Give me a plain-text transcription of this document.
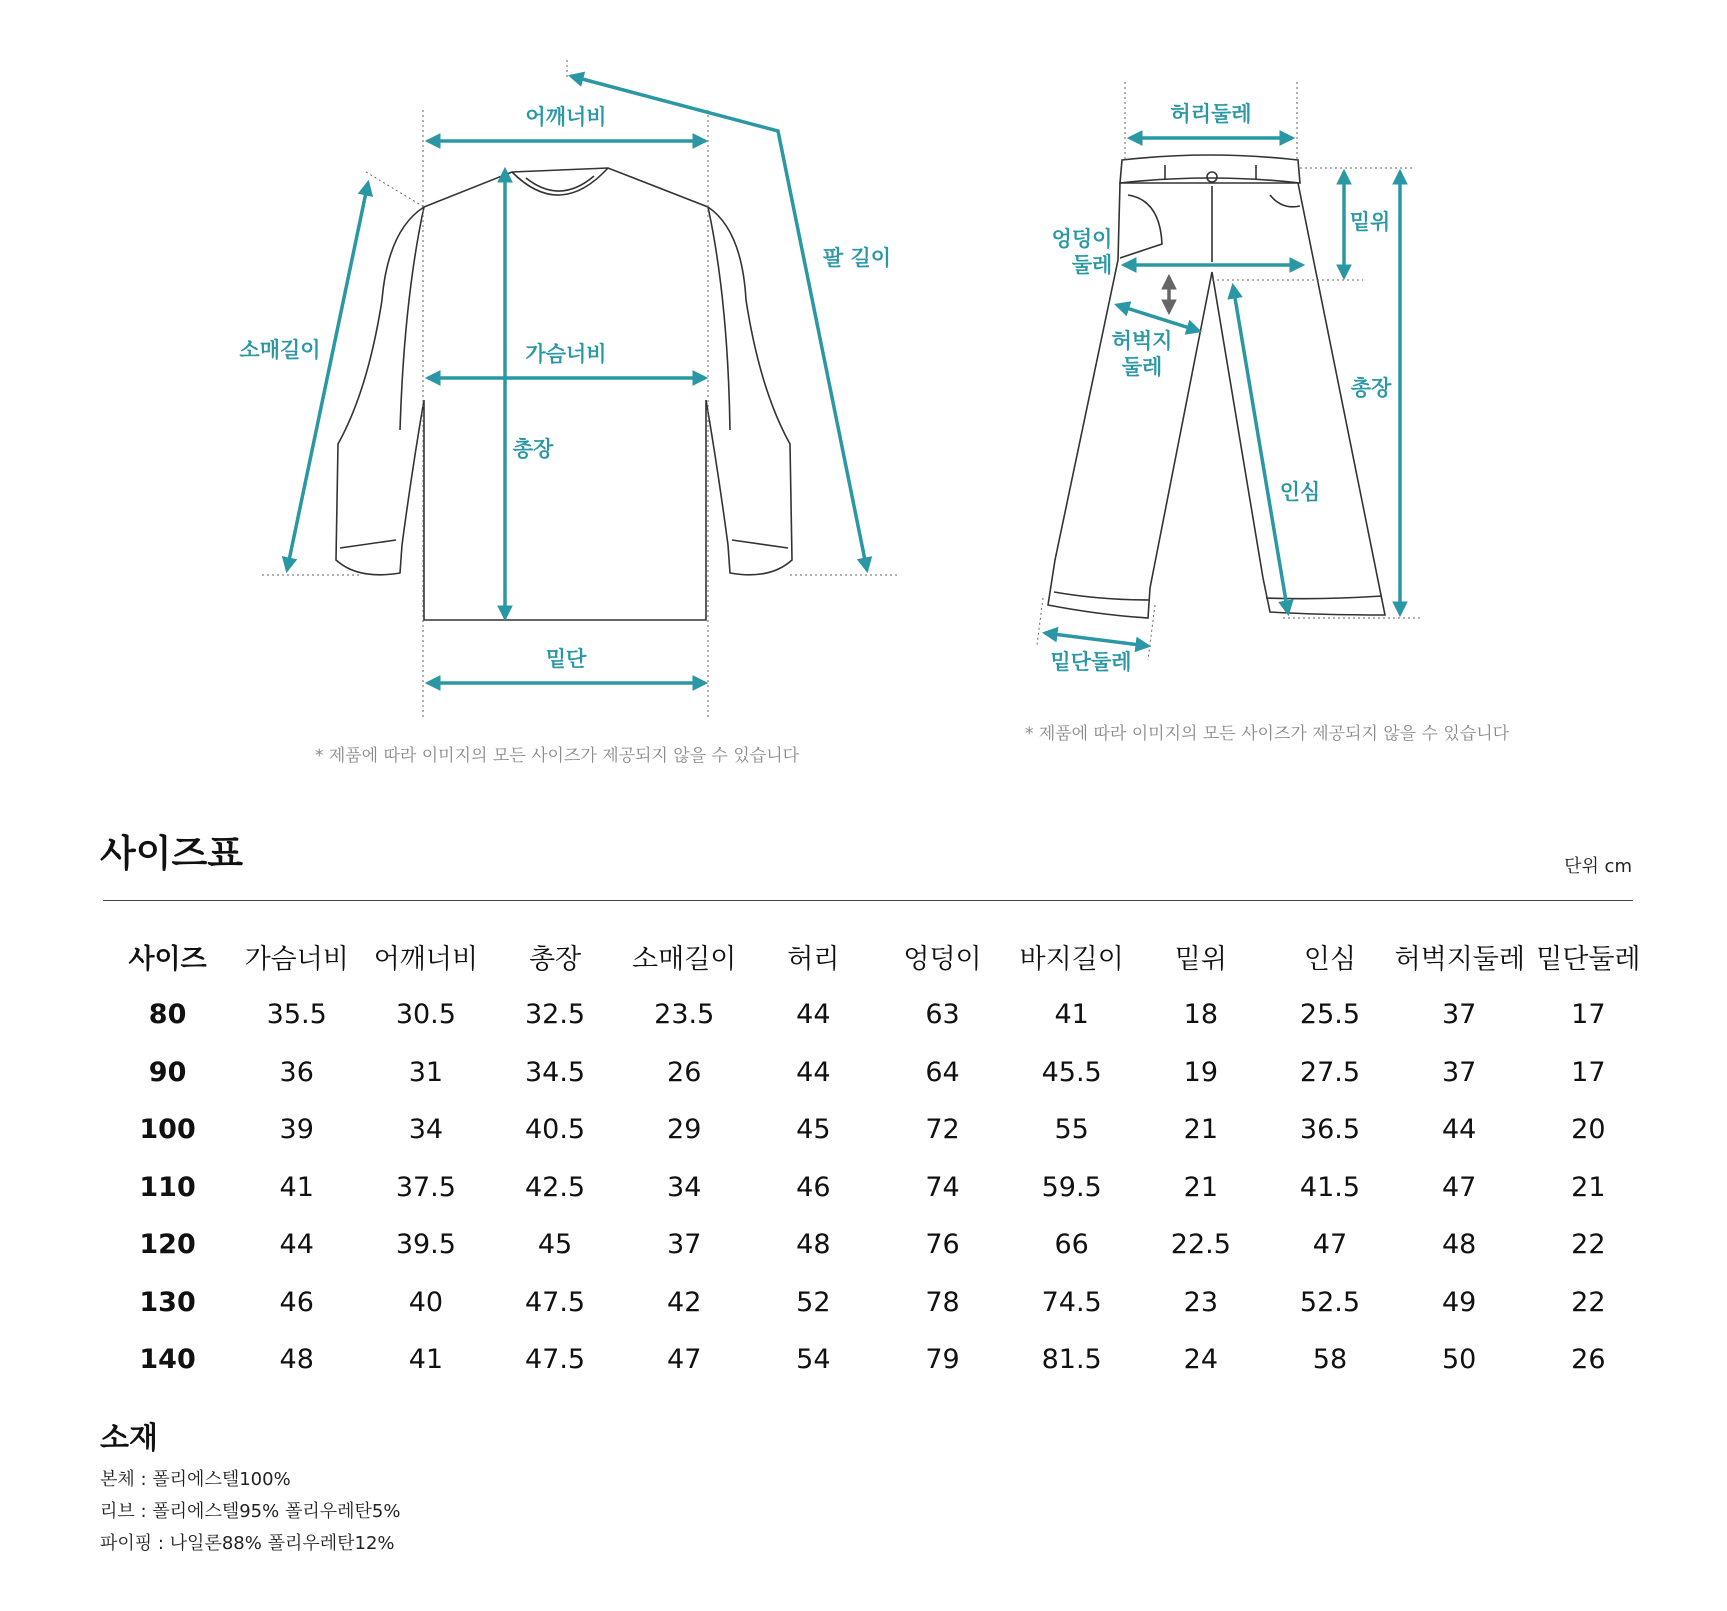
어깨너비
팔 길이
소매길이	가슴너비
총장
밑단
* 제품에 따라 이미지의 모든 사이즈가 제공되지 않을 수 있습니다
허리둘레
밑위
엉덩이
둘레
허벅지
둘레
총장
인심
밑단둘레
* 제품에 따라 이미지의 모든 사이즈가 제공되지 않을 수 있습니다
사이즈표	단위 cm
사이즈	가슴너비	어깨너비	총장	소매길이	허리	엉덩이	바지길이	밑위	인심	허벅지둘레	밑단둘레
80	35.5	30.5	32.5	23.5	44	63	41	18	25.5	37	17
90	36	31	34.5	26	44	64	45.5	19	27.5	37	17
100	39	34	40.5	29	45	72	55	21	36.5	44	20
110	41	37.5	42.5	34	46	74	59.5	21	41.5	47	21
120	44	39.5	45	37	48	76	66	22.5	47	48	22
130	46	40	47.5	42	52	78	74.5	23	52.5	49	22
140	48	41	47.5	47	54	79	81.5	24	58	50	26
소재
본체 : 폴리에스텔100%
리브 : 폴리에스텔95% 폴리우레탄5%
파이핑 : 나일론88% 폴리우레탄12%
